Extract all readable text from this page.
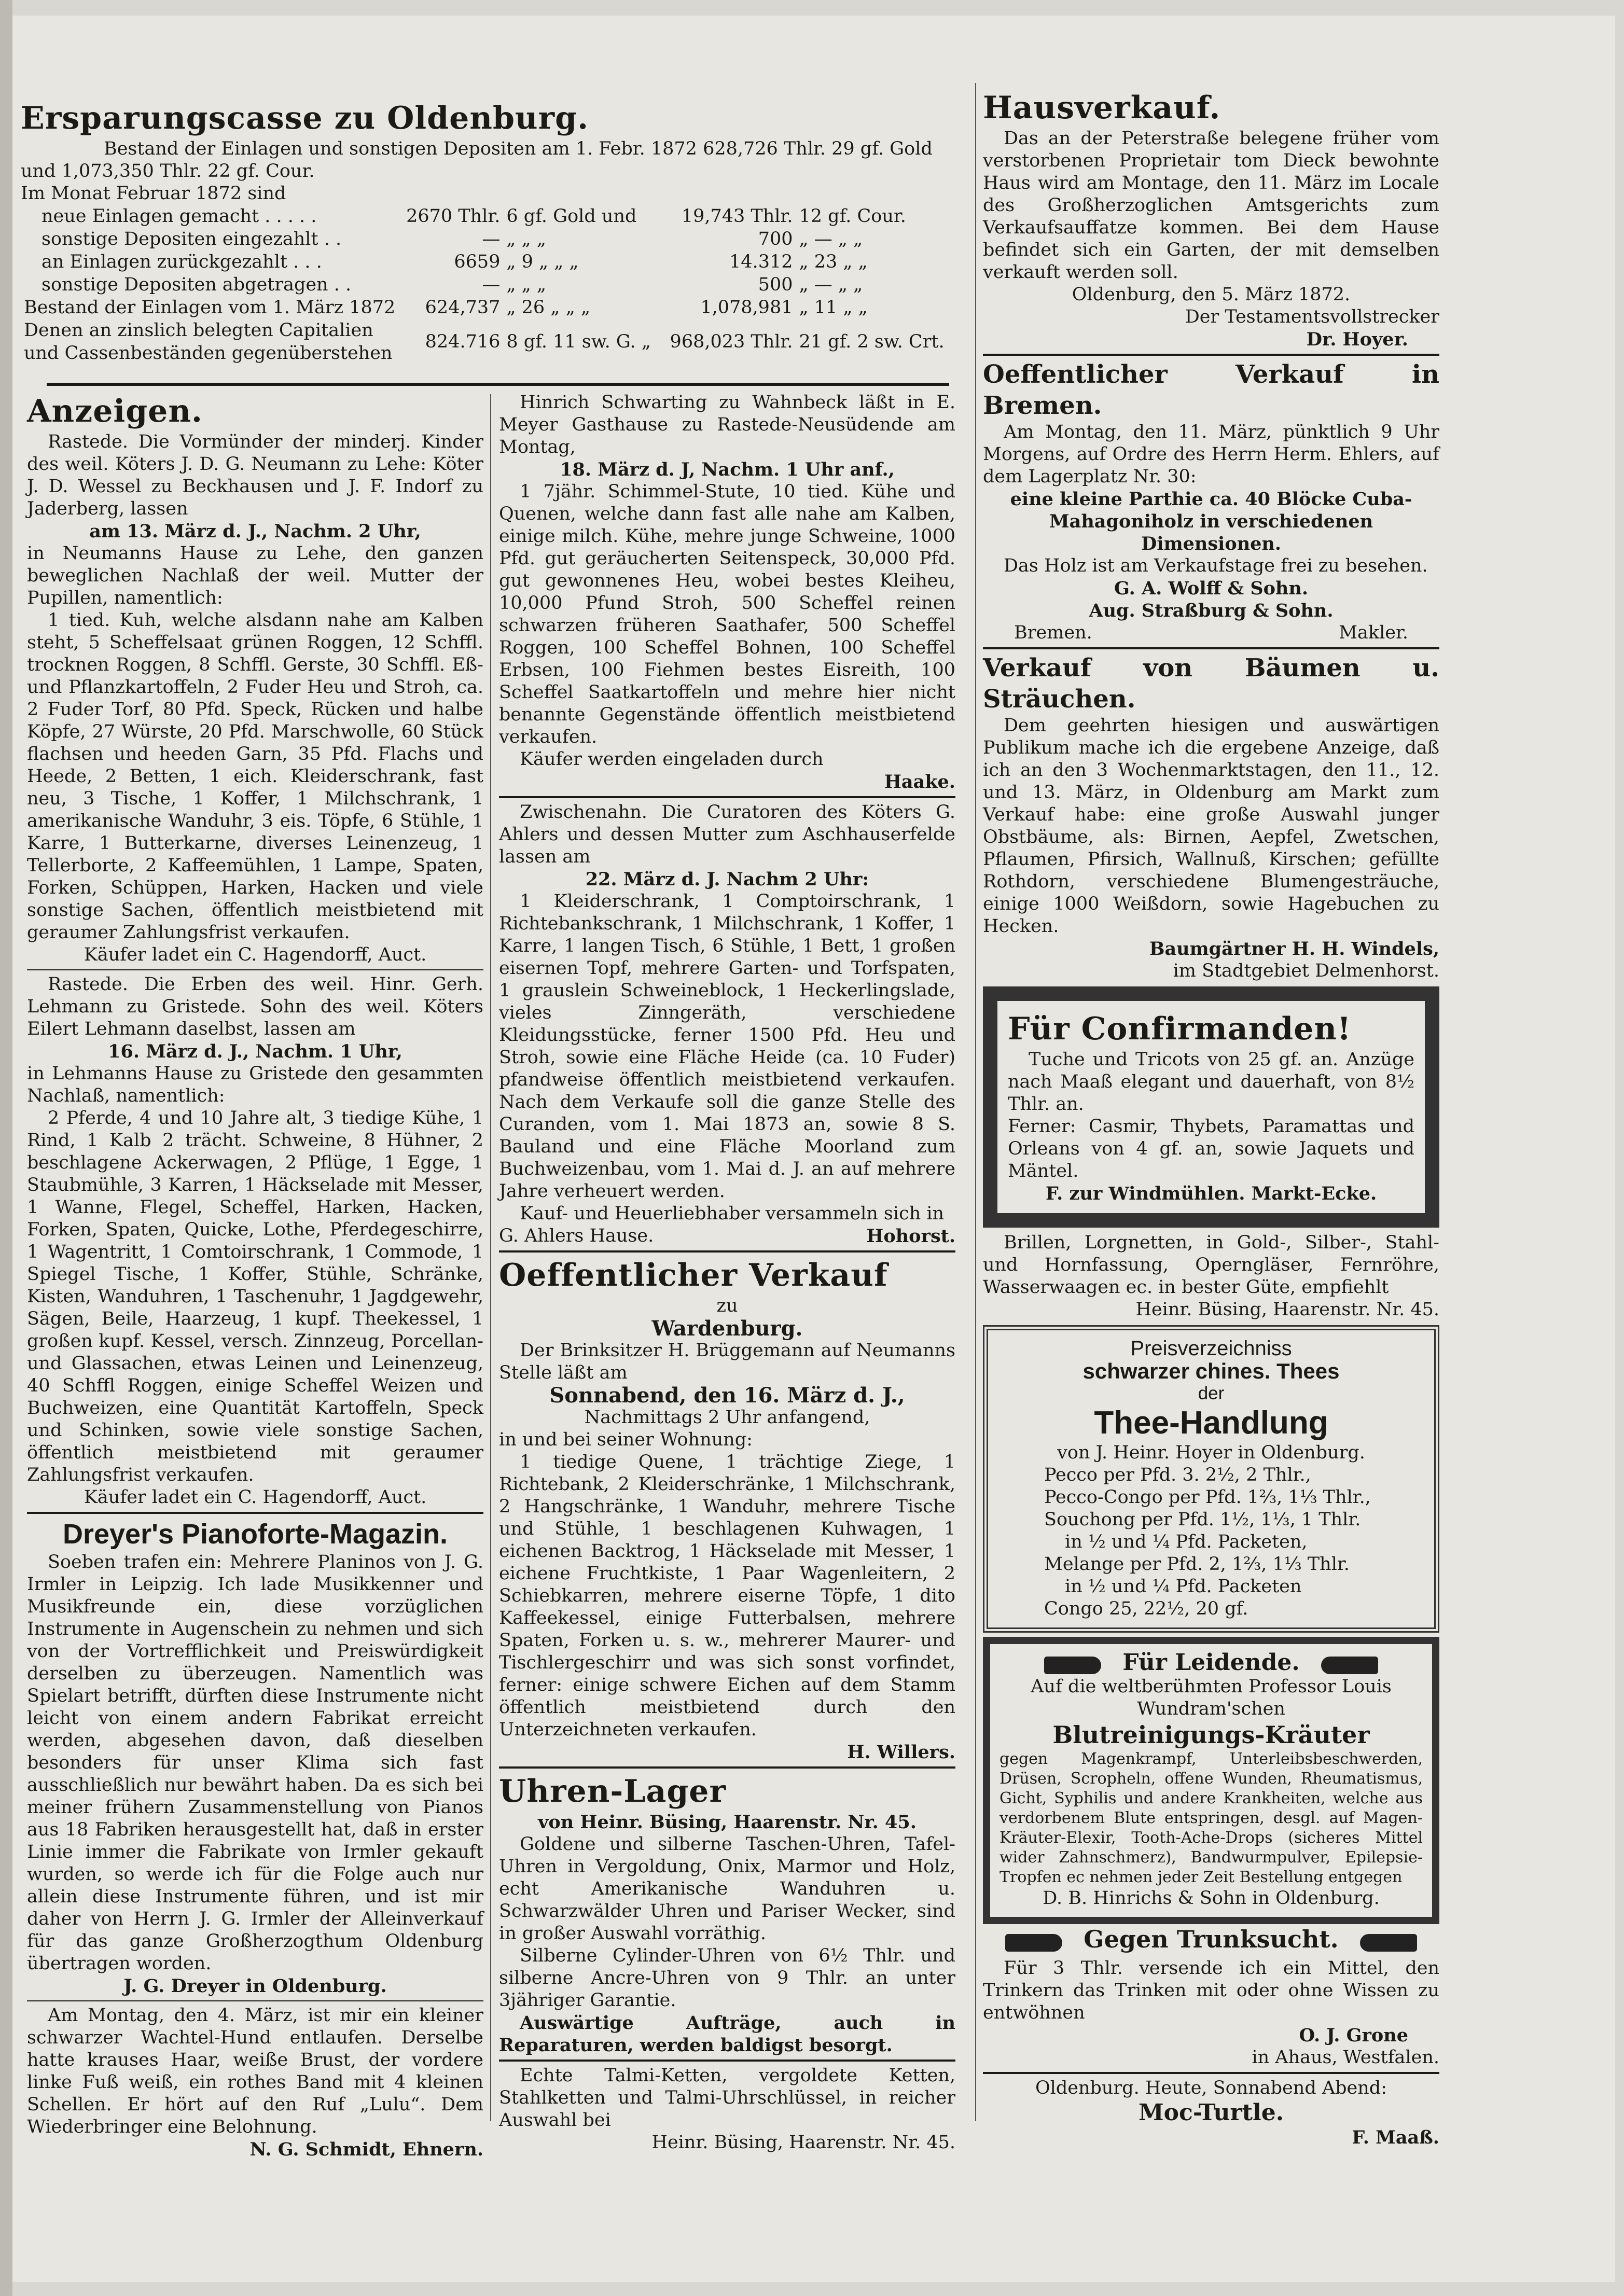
Ersparungscasse zu Oldenburg.

Bestand der Einlagen und sonstigen Depositen am 1. Febr. 1872 628,726 Thlr. 29 gf. Gold

und 1,073,350 Thlr. 22 gf. Cour.

Im Monat Februar 1872 sind

neue Einlagen gemacht . . . . .	2670 Thlr.	6 gf. Gold und	19,743 Thlr.	12 gf. Cour.
sonstige Depositen eingezahlt . .	—	„ „ „	700	„ — „ „
an Einlagen zurückgezahlt . . .	6659	„ 9 „ „ „	14.312	„ 23 „ „
sonstige Depositen abgetragen . .	—	„ „ „	500	„ — „ „
Bestand der Einlagen vom 1. März 1872	624,737	„ 26 „ „ „	1,078,981	„ 11 „ „
Denen an zinslich belegten Capitalien und Cassenbeständen gegenüberstehen	824.716	8 gf. 11 sw. G. „	968,023 Thlr.	21 gf. 2 sw. Crt.

Anzeigen.

Rastede. Die Vormünder der minderj. Kinder des weil. Köters J. D. G. Neumann zu Lehe: Köter J. D. Wessel zu Beckhausen und J. F. Indorf zu Jaderberg, lassen

am 13. März d. J., Nachm. 2 Uhr,

in Neumanns Hause zu Lehe, den ganzen beweglichen Nachlaß der weil. Mutter der Pupillen, namentlich:

1 tied. Kuh, welche alsdann nahe am Kalben steht, 5 Scheffelsaat grünen Roggen, 12 Schffl. trocknen Roggen, 8 Schffl. Gerste, 30 Schffl. Eß- und Pflanzkartoffeln, 2 Fuder Heu und Stroh, ca. 2 Fuder Torf, 80 Pfd. Speck, Rücken und halbe Köpfe, 27 Würste, 20 Pfd. Marschwolle, 60 Stück flachsen und heeden Garn, 35 Pfd. Flachs und Heede, 2 Betten, 1 eich. Kleiderschrank, fast neu, 3 Tische, 1 Koffer, 1 Milchschrank, 1 amerikanische Wanduhr, 3 eis. Töpfe, 6 Stühle, 1 Karre, 1 Butterkarne, diverses Leinenzeug, 1 Tellerborte, 2 Kaffeemühlen, 1 Lampe, Spaten, Forken, Schüppen, Harken, Hacken und viele sonstige Sachen, öffentlich meistbietend mit geraumer Zahlungsfrist verkaufen.

Käufer ladet ein C. Hagendorff, Auct.

Rastede. Die Erben des weil. Hinr. Gerh. Lehmann zu Gristede. Sohn des weil. Köters Eilert Lehmann daselbst, lassen am

16. März d. J., Nachm. 1 Uhr,

in Lehmanns Hause zu Gristede den gesammten Nachlaß, namentlich:

2 Pferde, 4 und 10 Jahre alt, 3 tiedige Kühe, 1 Rind, 1 Kalb 2 trächt. Schweine, 8 Hühner, 2 beschlagene Ackerwagen, 2 Pflüge, 1 Egge, 1 Staubmühle, 3 Karren, 1 Häckselade mit Messer, 1 Wanne, Flegel, Scheffel, Harken, Hacken, Forken, Spaten, Quicke, Lothe, Pferdegeschirre, 1 Wagentritt, 1 Comtoirschrank, 1 Commode, 1 Spiegel Tische, 1 Koffer, Stühle, Schränke, Kisten, Wanduhren, 1 Taschenuhr, 1 Jagdgewehr, Sägen, Beile, Haarzeug, 1 kupf. Theekessel, 1 großen kupf. Kessel, versch. Zinnzeug, Porcellan- und Glassachen, etwas Leinen und Leinenzeug, 40 Schffl Roggen, einige Scheffel Weizen und Buchweizen, eine Quantität Kartoffeln, Speck und Schinken, sowie viele sonstige Sachen, öffentlich meistbietend mit geraumer Zahlungsfrist verkaufen.

Käufer ladet ein C. Hagendorff, Auct.

Dreyer's Pianoforte-Magazin.

Soeben trafen ein: Mehrere Planinos von J. G. Irmler in Leipzig. Ich lade Musikkenner und Musikfreunde ein, diese vorzüglichen Instrumente in Augenschein zu nehmen und sich von der Vortrefflichkeit und Preiswürdigkeit derselben zu überzeugen. Namentlich was Spielart betrifft, dürften diese Instrumente nicht leicht von einem andern Fabrikat erreicht werden, abgesehen davon, daß dieselben besonders für unser Klima sich fast ausschließlich nur bewährt haben. Da es sich bei meiner frühern Zusammenstellung von Pianos aus 18 Fabriken herausgestellt hat, daß in erster Linie immer die Fabrikate von Irmler gekauft wurden, so werde ich für die Folge auch nur allein diese Instrumente führen, und ist mir daher von Herrn J. G. Irmler der Alleinverkauf für das ganze Großherzogthum Oldenburg übertragen worden.

J. G. Dreyer in Oldenburg.

Am Montag, den 4. März, ist mir ein kleiner schwarzer Wachtel-Hund entlaufen. Derselbe hatte krauses Haar, weiße Brust, der vordere linke Fuß weiß, ein rothes Band mit 4 kleinen Schellen. Er hört auf den Ruf „Lulu“. Dem Wiederbringer eine Belohnung.

N. G. Schmidt, Ehnern.

Hinrich Schwarting zu Wahnbeck läßt in E. Meyer Gasthause zu Rastede-Neusüdende am Montag,

18. März d. J, Nachm. 1 Uhr anf.,

1 7jähr. Schimmel-Stute, 10 tied. Kühe und Quenen, welche dann fast alle nahe am Kalben, einige milch. Kühe, mehre junge Schweine, 1000 Pfd. gut geräucherten Seitenspeck, 30,000 Pfd. gut gewonnenes Heu, wobei bestes Kleiheu, 10,000 Pfund Stroh, 500 Scheffel reinen schwarzen früheren Saathafer, 500 Scheffel Roggen, 100 Scheffel Bohnen, 100 Scheffel Erbsen, 100 Fiehmen bestes Eisreith, 100 Scheffel Saatkartoffeln und mehre hier nicht benannte Gegenstände öffentlich meistbietend verkaufen.

Käufer werden eingeladen durch

Haake.

Zwischenahn. Die Curatoren des Köters G. Ahlers und dessen Mutter zum Aschhauserfelde lassen am

22. März d. J. Nachm 2 Uhr:

1 Kleiderschrank, 1 Comptoirschrank, 1 Richtebankschrank, 1 Milchschrank, 1 Koffer, 1 Karre, 1 langen Tisch, 6 Stühle, 1 Bett, 1 großen eisernen Topf, mehrere Garten- und Torfspaten, 1 grauslein Schweineblock, 1 Heckerlingslade, vieles Zinngeräth, verschiedene Kleidungsstücke, ferner 1500 Pfd. Heu und Stroh, sowie eine Fläche Heide (ca. 10 Fuder) pfandweise öffentlich meistbietend verkaufen. Nach dem Verkaufe soll die ganze Stelle des Curanden, vom 1. Mai 1873 an, sowie 8 S. Bauland und eine Fläche Moorland zum Buchweizenbau, vom 1. Mai d. J. an auf mehrere Jahre verheuert werden.

Kauf- und Heuerliebhaber versammeln sich in

G. Ahlers Hause.	Hohorst.

Oeffentlicher Verkauf

zu

Wardenburg.

Der Brinksitzer H. Brüggemann auf Neumanns Stelle läßt am

Sonnabend, den 16. März d. J.,

Nachmittags 2 Uhr anfangend,

in und bei seiner Wohnung:

1 tiedige Quene, 1 trächtige Ziege, 1 Richtebank, 2 Kleiderschränke, 1 Milchschrank, 2 Hangschränke, 1 Wanduhr, mehrere Tische und Stühle, 1 beschlagenen Kuhwagen, 1 eichenen Backtrog, 1 Häckselade mit Messer, 1 eichene Fruchtkiste, 1 Paar Wagenleitern, 2 Schiebkarren, mehrere eiserne Töpfe, 1 dito Kaffeekessel, einige Futterbalsen, mehrere Spaten, Forken u. s. w., mehrerer Maurer- und Tischlergeschirr und was sich sonst vorfindet, ferner: einige schwere Eichen auf dem Stamm öffentlich meistbietend durch den Unterzeichneten verkaufen.

H. Willers.

Uhren-Lager

von Heinr. Büsing, Haarenstr. Nr. 45.

Goldene und silberne Taschen-Uhren, Tafel-Uhren in Vergoldung, Onix, Marmor und Holz, echt Amerikanische Wanduhren u. Schwarzwälder Uhren und Pariser Wecker, sind in großer Auswahl vorräthig.

Silberne Cylinder-Uhren von 6½ Thlr. und silberne Ancre-Uhren von 9 Thlr. an unter 3jähriger Garantie.

Auswärtige Aufträge, auch in Reparaturen, werden baldigst besorgt.

Echte Talmi-Ketten, vergoldete Ketten, Stahlketten und Talmi-Uhrschlüssel, in reicher Auswahl bei

Heinr. Büsing, Haarenstr. Nr. 45.

Hausverkauf.

Das an der Peterstraße belegene früher vom verstorbenen Proprietair tom Dieck bewohnte Haus wird am Montage, den 11. März im Locale des Großherzoglichen Amtsgerichts zum Verkaufsauffatze kommen. Bei dem Hause befindet sich ein Garten, der mit demselben verkauft werden soll.

Oldenburg, den 5. März 1872.

Der Testamentsvollstrecker

Dr. Hoyer.

Oeffentlicher Verkauf in Bremen.

Am Montag, den 11. März, pünktlich 9 Uhr Morgens, auf Ordre des Herrn Herm. Ehlers, auf dem Lagerplatz Nr. 30:

eine kleine Parthie ca. 40 Blöcke Cuba-Mahagoniholz in verschiedenen Dimensionen.

Das Holz ist am Verkaufstage frei zu besehen.

G. A. Wolff & Sohn.

Aug. Straßburg & Sohn.

Bremen.	Makler.

Verkauf von Bäumen u. Sträuchen.

Dem geehrten hiesigen und auswärtigen Publikum mache ich die ergebene Anzeige, daß ich an den 3 Wochenmarktstagen, den 11., 12. und 13. März, in Oldenburg am Markt zum Verkauf habe: eine große Auswahl junger Obstbäume, als: Birnen, Aepfel, Zwetschen, Pflaumen, Pfirsich, Wallnuß, Kirschen; gefüllte Rothdorn, verschiedene Blumengesträuche, einige 1000 Weißdorn, sowie Hagebuchen zu Hecken.

Baumgärtner H. H. Windels,

im Stadtgebiet Delmenhorst.

Für Confirmanden!

Tuche und Tricots von 25 gf. an. Anzüge nach Maaß elegant und dauerhaft, von 8½ Thlr. an.

Ferner: Casmir, Thybets, Paramattas und Orleans von 4 gf. an, sowie Jaquets und Mäntel.

F. zur Windmühlen. Markt-Ecke.

Brillen, Lorgnetten, in Gold-, Silber-, Stahl- und Hornfassung, Operngläser, Fernröhre, Wasserwaagen ec. in bester Güte, empfiehlt

Heinr. Büsing, Haarenstr. Nr. 45.

Preisverzeichniss

schwarzer chines. Thees

der

Thee-Handlung

von J. Heinr. Hoyer in Oldenburg.

Pecco per Pfd. 3. 2½, 2 Thlr.,

Pecco-Congo per Pfd. 1⅔, 1⅓ Thlr.,

Souchong per Pfd. 1½, 1⅓, 1 Thlr.

in ½ und ¼ Pfd. Packeten,

Melange per Pfd. 2, 1⅔, 1⅓ Thlr.

in ½ und ¼ Pfd. Packeten

Congo 25, 22½, 20 gf.

Für Leidende.

Auf die weltberühmten Professor Louis Wundram'schen

Blutreinigungs-Kräuter

gegen Magenkrampf, Unterleibsbeschwerden, Drüsen, Scropheln, offene Wunden, Rheumatismus, Gicht, Syphilis und andere Krankheiten, welche aus verdorbenem Blute entspringen, desgl. auf Magen-Kräuter-Elexir, Tooth-Ache-Drops (sicheres Mittel wider Zahnschmerz), Bandwurmpulver, Epilepsie-Tropfen ec nehmen jeder Zeit Bestellung entgegen

D. B. Hinrichs & Sohn in Oldenburg.

Gegen Trunksucht.

Für 3 Thlr. versende ich ein Mittel, den Trinkern das Trinken mit oder ohne Wissen zu entwöhnen

O. J. Grone

in Ahaus, Westfalen.

Oldenburg. Heute, Sonnabend Abend:

Moc-Turtle.

F. Maaß.
